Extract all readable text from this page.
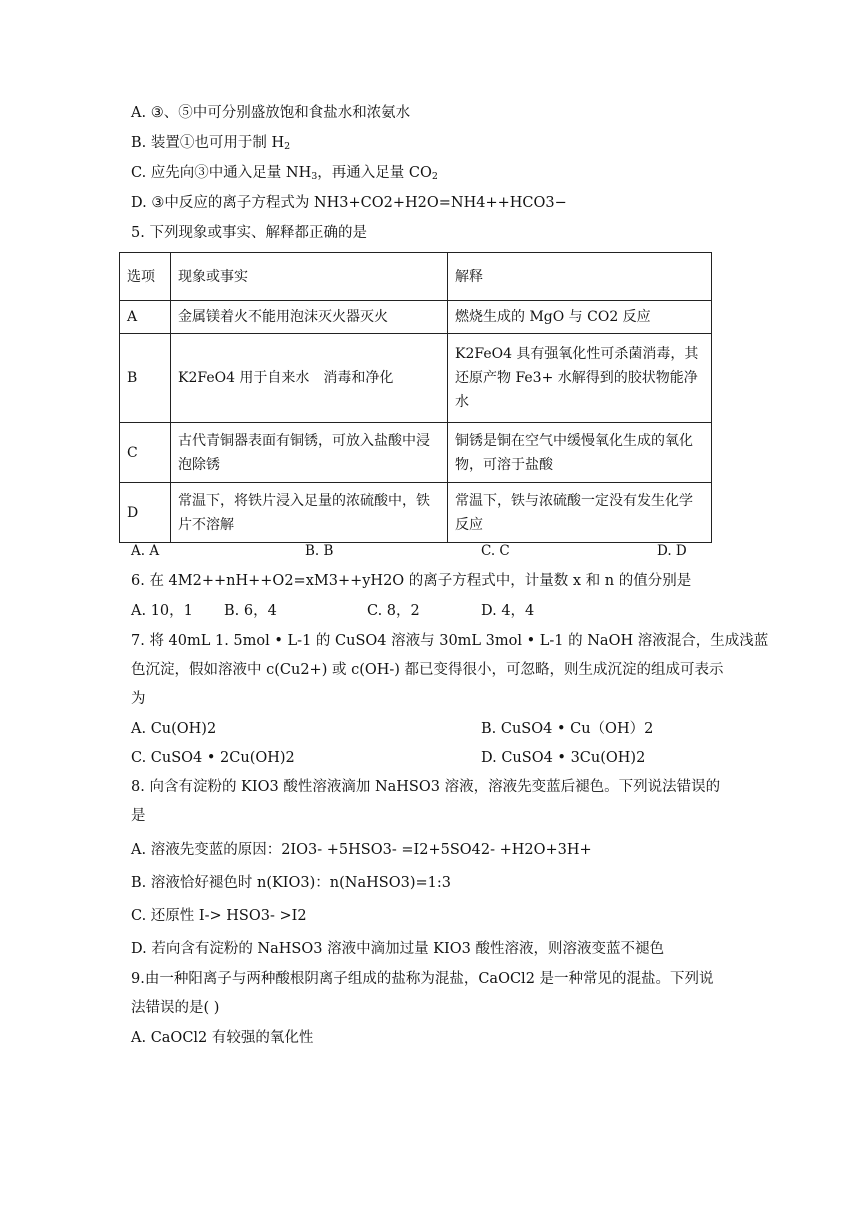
A. ③、⑤中可分别盛放饱和食盐水和浓氨水
B. 装置①也可用于制 $H_2$
C. 应先向③中通入足量 $NH_3$，再通入足量 $CO_2$
D. ③中反应的离子方程式为 NH3+CO2+H2O=NH4++HCO3−
5. 下列现象或事实、解释都正确的是
选项	现象或事实	解释
A	金属镁着火不能用泡沫灭火器灭火	燃烧生成的 MgO 与 CO2 反应
B	K2FeO4 用于自来水　消毒和净化	K2FeO4 具有强氧化性可杀菌消毒，其还原产物 Fe3+ 水解得到的胶状物能净水
C	古代青铜器表面有铜锈，可放入盐酸中浸泡除锈	铜锈是铜在空气中缓慢氧化生成的氧化物，可溶于盐酸
D	常温下，将铁片浸入足量的浓硫酸中，铁片不溶解	常温下，铁与浓硫酸一定没有发生化学反应
A. A	B. B	C. C	D. D
6. 在 4M2++nH++O2=xM3++yH2O 的离子方程式中，计量数 x 和 n 的值分别是
A. 10，1 B. 6，4	C. 8，2	D. 4，4
7. 将 40mL 1. 5mol • L-1 的 CuSO4 溶液与 30mL 3mol • L-1 的 NaOH 溶液混合，生成浅蓝
色沉淀，假如溶液中 c(Cu2+) 或 c(OH-) 都已变得很小，可忽略，则生成沉淀的组成可表示
为
A. Cu(OH)2	B. CuSO4 • Cu（OH）2
C. CuSO4 • 2Cu(OH)2	D. CuSO4 • 3Cu(OH)2
8. 向含有淀粉的 KIO3 酸性溶液滴加 NaHSO3 溶液，溶液先变蓝后褪色。下列说法错误的
是
A. 溶液先变蓝的原因：2IO3- +5HSO3- =I2+5SO42- +H2O+3H+
B. 溶液恰好褪色时 n(KIO3)：n(NaHSO3)=1:3
C. 还原性 I-> HSO3- >I2
D. 若向含有淀粉的 NaHSO3 溶液中滴加过量 KIO3 酸性溶液，则溶液变蓝不褪色
9.由一种阳离子与两种酸根阴离子组成的盐称为混盐，CaOCl2 是一种常见的混盐。下列说
法错误的是( )
A. CaOCl2 有较强的氧化性
